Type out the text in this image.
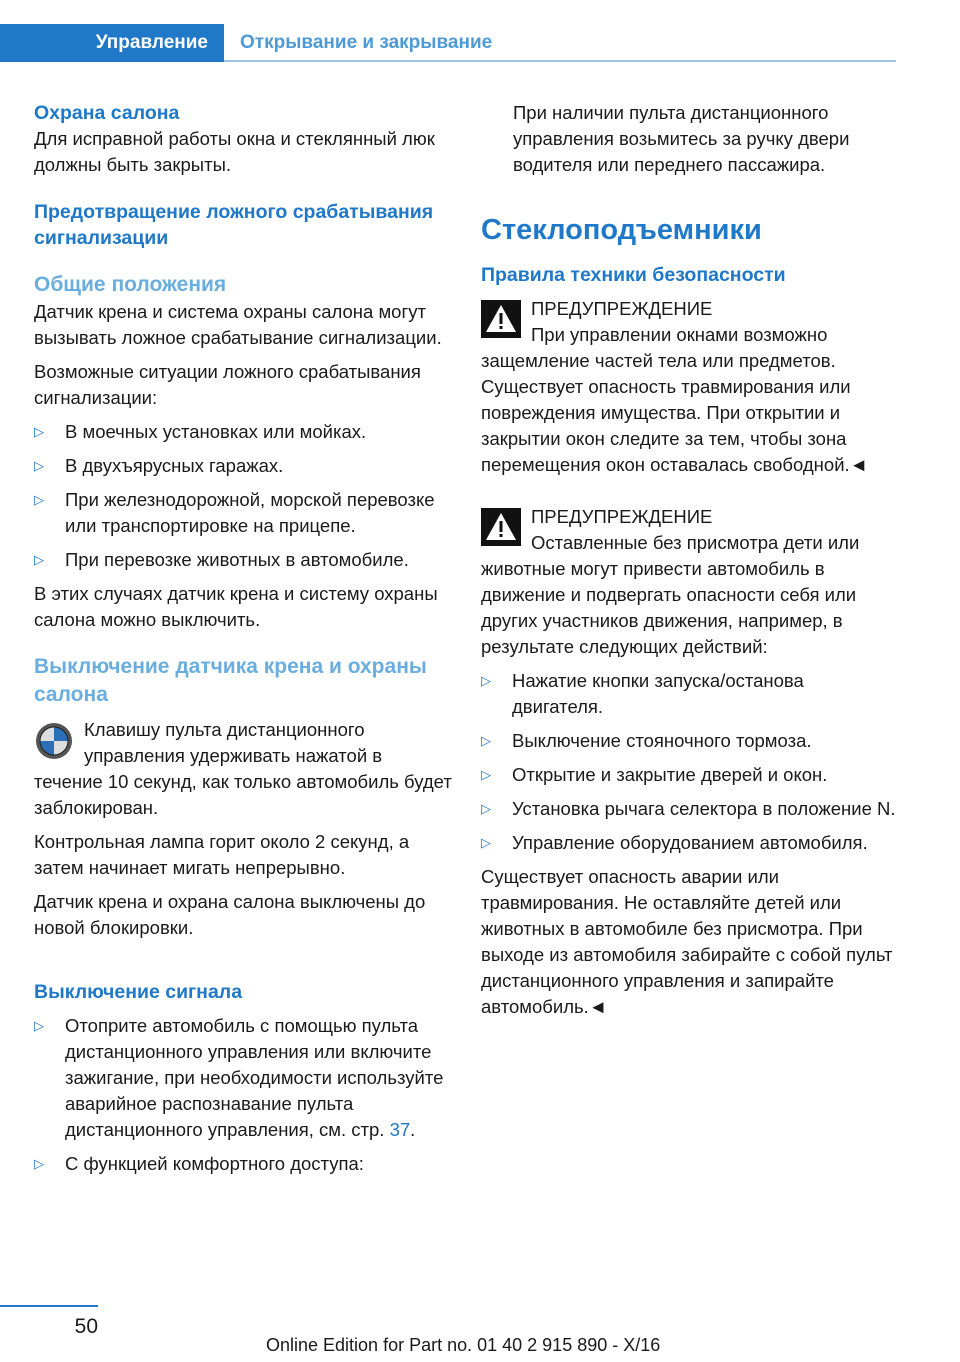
Управление	Открывание и закрывание
Охрана салона

Для исправной работы окна и стеклянный люк должны быть закрыты.

Предотвращение ложного срабатывания сигнализации
Общие положения

Датчик крена и система охраны салона могут вызывать ложное срабатывание сигнализации.

Возможные ситуации ложного срабатывания сигнализации:

▷ В моечных установках или мойках.
▷ В двухъярусных гаражах.
▷ При железнодорожной, морской перевозке или транспортировке на прицепе.
▷ При перевозке животных в автомобиле.

В этих случаях датчик крена и систему охраны салона можно выключить.

Выключение датчика крена и охраны салона

Клавишу пульта дистанционного управления удерживать нажатой в течение 10 секунд, как только автомобиль будет заблокирован.

Контрольная лампа горит около 2 секунд, а затем начинает мигать непрерывно.

Датчик крена и охрана салона выключены до новой блокировки.

Выключение сигнала
▷ Отоприте автомобиль с помощью пульта дистанционного управления или включите зажигание, при необходимости используйте аварийное распознавание пульта дистанционного управления, см. стр. 37.
▷ С функцией комфортного доступа:

При наличии пульта дистанционного управления возьмитесь за ручку двери водителя или переднего пассажира.

Стеклоподъемники
Правила техники безопасности

ПРЕДУПРЕЖДЕНИЕ

При управлении окнами возможно защемление частей тела или предметов. Существует опасность травмирования или повреждения имущества. При открытии и закрытии окон следите за тем, чтобы зона перемещения окон оставалась свободной.◄

ПРЕДУПРЕЖДЕНИЕ

Оставленные без присмотра дети или животные могут привести автомобиль в движение и подвергать опасности себя или других участников движения, например, в результате следующих действий:

▷ Нажатие кнопки запуска/останова двигателя.
▷ Выключение стояночного тормоза.
▷ Открытие и закрытие дверей и окон.
▷ Установка рычага селектора в положение N.
▷ Управление оборудованием автомобиля.

Существует опасность аварии или травмирования. Не оставляйте детей или животных в автомобиле без присмотра. При выходе из автомобиля забирайте с собой пульт дистанционного управления и запирайте автомобиль.◄

50
Online Edition for Part no. 01 40 2 915 890 - X/16
